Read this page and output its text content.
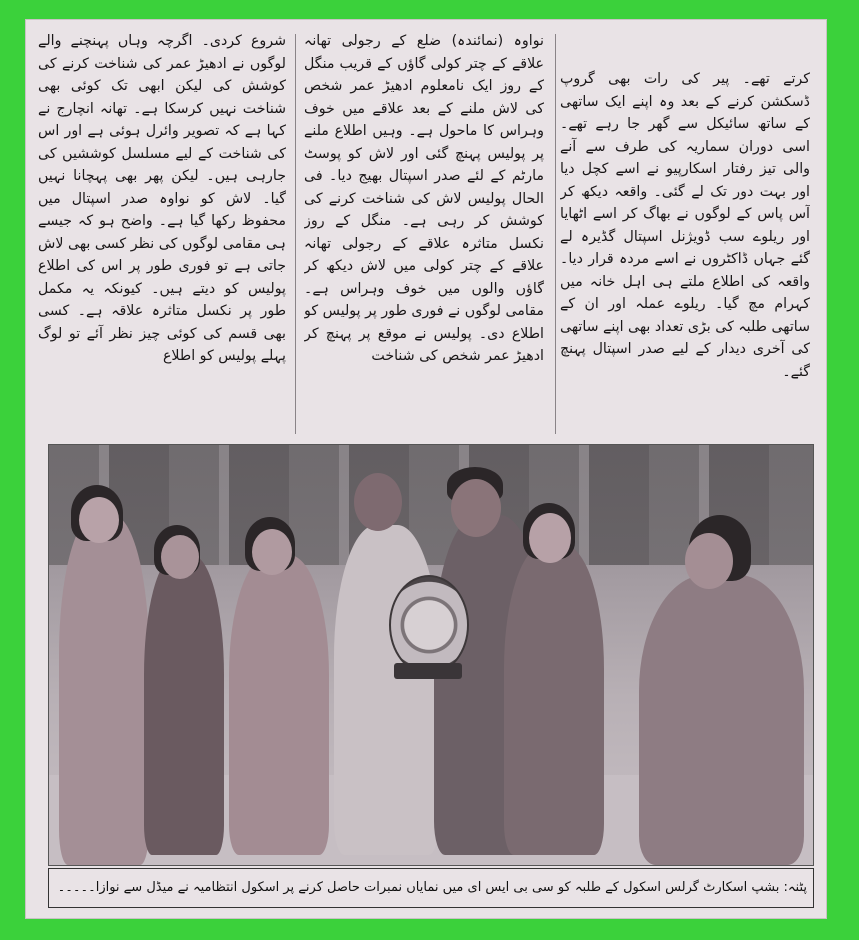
کرتے تھے۔ پیر کی رات بھی گروپ ڈسکشن کرنے کے بعد وہ اپنے ایک ساتھی کے ساتھ سائیکل سے گھر جا رہے تھے۔ اسی دوران سماریہ کی طرف سے آنے والی تیز رفتار اسکارپیو نے اسے کچل دیا اور بہت دور تک لے گئی۔ واقعہ دیکھ کر آس پاس کے لوگوں نے بھاگ کر اسے اٹھایا اور ریلوے سب ڈویژنل اسپتال گڈیرہ لے گئے جہاں ڈاکٹروں نے اسے مردہ قرار دیا۔ واقعہ کی اطلاع ملتے ہی اہل خانہ میں کہرام مچ گیا۔ ریلوے عملہ اور ان کے ساتھی طلبہ کی بڑی تعداد بھی اپنے ساتھی کی آخری دیدار کے لیے صدر اسپتال پہنچ گئے۔

نواوہ (نمائندہ) ضلع کے رجولی تھانہ علاقے کے چتر کولی گاؤں کے قریب منگل کے روز ایک نامعلوم ادھیڑ عمر شخص کی لاش ملنے کے بعد علاقے میں خوف وہراس کا ماحول ہے۔ وہیں اطلاع ملنے پر پولیس پہنچ گئی اور لاش کو پوسٹ مارٹم کے لئے صدر اسپتال بھیج دیا۔ فی الحال پولیس لاش کی شناخت کرنے کی کوشش کر رہی ہے۔ منگل کے روز نکسل متاثرہ علاقے کے رجولی تھانہ علاقے کے چتر کولی میں لاش دیکھ کر گاؤں والوں میں خوف وہراس ہے۔ مقامی لوگوں نے فوری طور پر پولیس کو اطلاع دی۔ پولیس نے موقع پر پہنچ کر ادھیڑ عمر شخص کی شناخت

شروع کردی۔ اگرچہ وہاں پہنچنے والے لوگوں نے ادھیڑ عمر کی شناخت کرنے کی کوشش کی لیکن ابھی تک کوئی بھی شناخت نہیں کرسکا ہے۔ تھانہ انچارج نے کہا ہے کہ تصویر وائرل ہوئی ہے اور اس کی شناخت کے لیے مسلسل کوششیں کی جارہی ہیں۔ لیکن پھر بھی پہچانا نہیں گیا۔ لاش کو نواوہ صدر اسپتال میں محفوظ رکھا گیا ہے۔ واضح ہو کہ جیسے ہی مقامی لوگوں کی نظر کسی بھی لاش جاتی ہے تو فوری طور پر اس کی اطلاع پولیس کو دیتے ہیں۔ کیونکہ یہ مکمل طور پر نکسل متاثرہ علاقہ ہے۔ کسی بھی قسم کی کوئی چیز نظر آئے تو لوگ پہلے پولیس کو اطلاع

پٹنہ: بشپ اسکارٹ گرلس اسکول کے طلبہ کو سی بی ایس ای میں نمایاں نمبرات حاصل کرنے پر اسکول انتظامیہ نے میڈل سے نوازا۔۔۔۔۔
